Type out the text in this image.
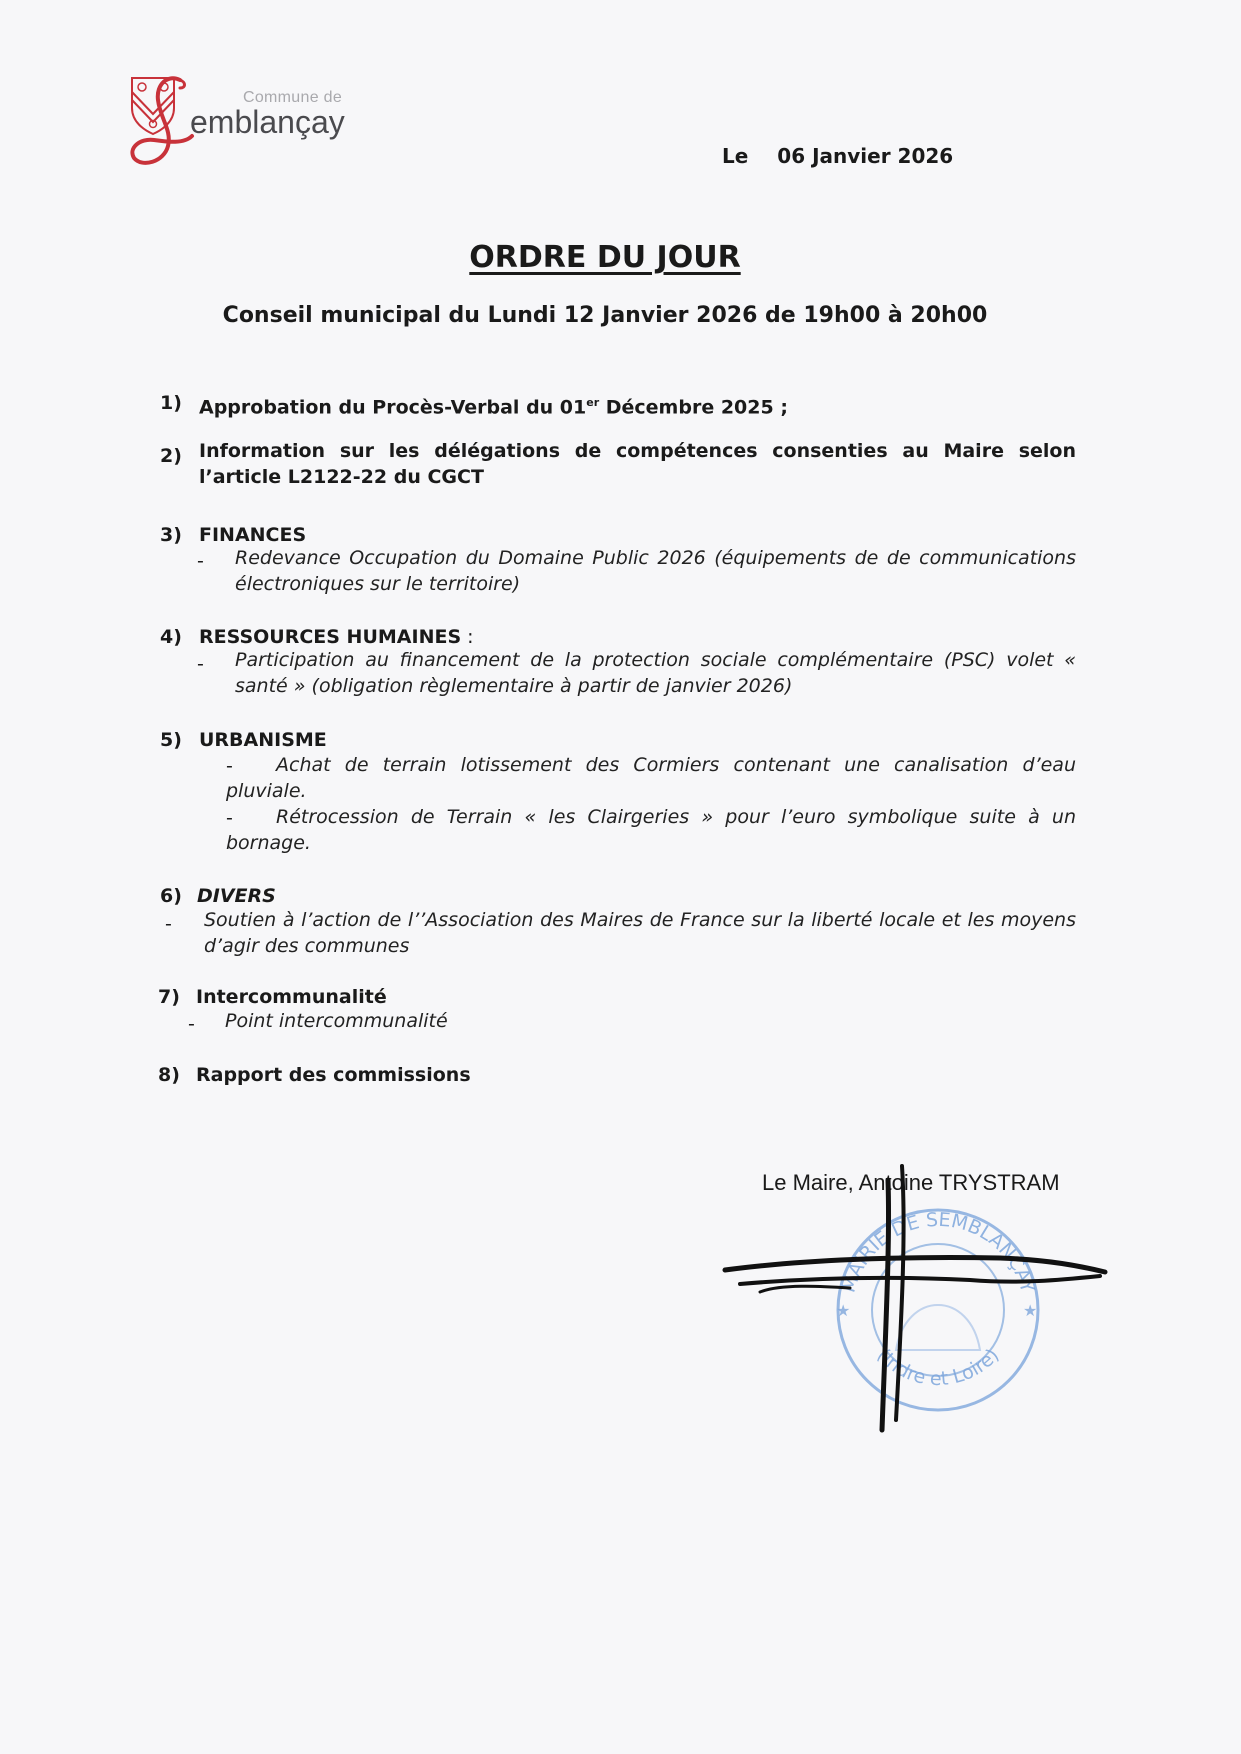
Commune de
emblançay
Le 06 Janvier 2026
ORDRE DU JOUR
Conseil municipal du Lundi 12 Janvier 2026 de 19h00 à 20h00
1) Approbation du Procès-Verbal du 01er Décembre 2025 ;
2) Information sur les délégations de compétences consenties au Maire selon l’article L2122-22 du CGCT
3) FINANCES
- Redevance Occupation du Domaine Public 2026 (équipements de de communications électroniques sur le territoire)
4) RESSOURCES HUMAINES :
- Participation au financement de la protection sociale complémentaire (PSC) volet « santé » (obligation règlementaire à partir de janvier 2026)
5) URBANISME
Achat de terrain lotissement des Cormiers contenant une canalisation d’eau pluviale.
-
Rétrocession de Terrain « les Clairgeries » pour l’euro symbolique suite à un bornage.
-
6) DIVERS
- Soutien à l’action de l’’Association des Maires de France sur la liberté locale et les moyens d’agir des communes
7) Intercommunalité
- Point intercommunalité
8) Rapport des commissions
★	★
MAIRIE DE SEMBLANÇAY
(Indre et Loire)
Le Maire, Antoine TRYSTRAM
